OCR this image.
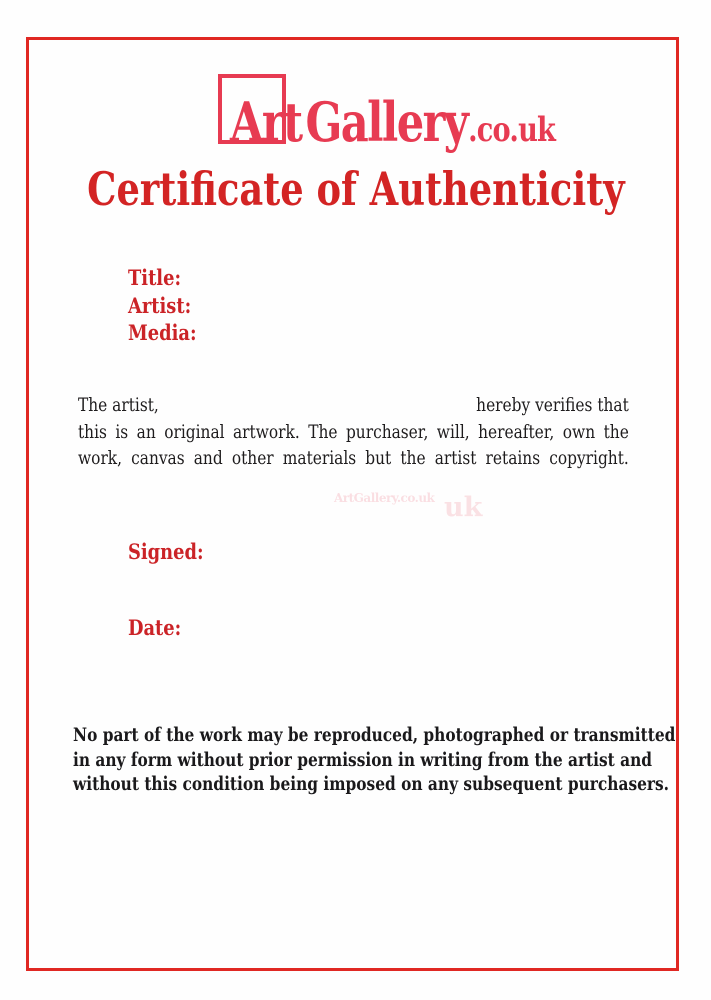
Art Gallery .co.uk
Certificate of Authenticity
Title:
Artist:
Media:
The artist,	hereby verifies that
this is an original artwork. The purchaser, will, hereafter, own the
work, canvas and other materials but the artist retains copyright.
ArtGallery.co.uk uk
Signed:
Date:
No part of the work may be reproduced, photographed or transmitted
in any form without prior permission in writing from the artist and
without this condition being imposed on any subsequent purchasers.
